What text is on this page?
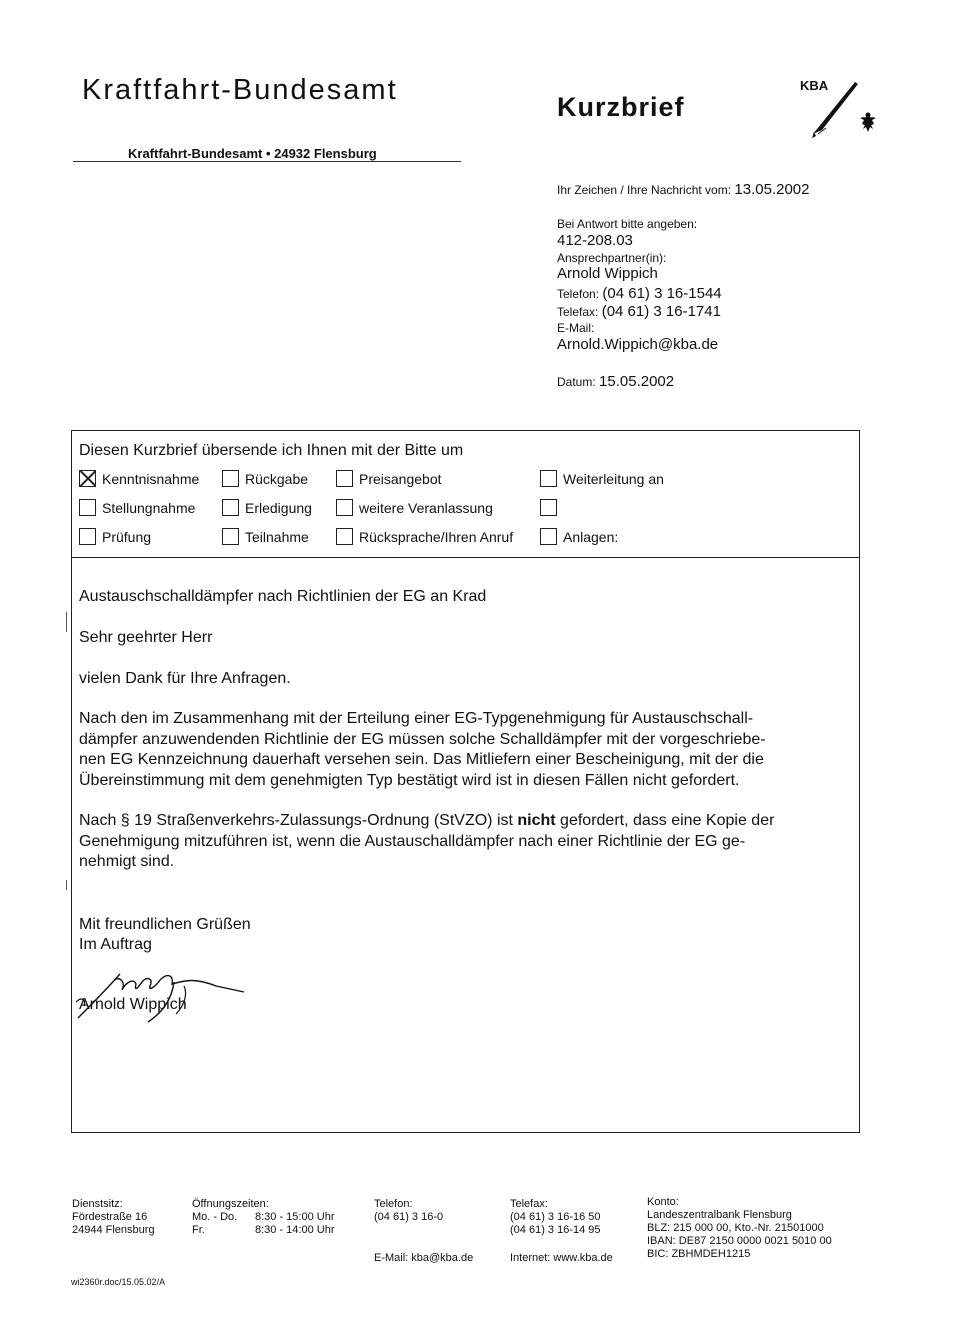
Kraftfahrt-Bundesamt
Kurzbrief
KBA
Kraftfahrt-Bundesamt • 24932 Flensburg
Ihr Zeichen / Ihre Nachricht vom: 13.05.2002
Bei Antwort bitte angeben:
412-208.03
Ansprechpartner(in):
Arnold Wippich
Telefon: (04 61) 3 16-1544
Telefax: (04 61) 3 16-1741
E-Mail:
Arnold.Wippich@kba.de
Datum: 15.05.2002
Diesen Kurzbrief übersende ich Ihnen mit der Bitte um
Kenntnisnahme	Rückgabe	Preisangebot	Weiterleitung an
Stellungnahme	Erledigung	weitere Veranlassung
Prüfung	Teilnahme	Rücksprache/Ihren Anruf	Anlagen:
Austauschschalldämpfer nach Richtlinien der EG an Krad
Sehr geehrter Herr
vielen Dank für Ihre Anfragen.
Nach den im Zusammenhang mit der Erteilung einer EG-Typgenehmigung für Austauschschall-
dämpfer anzuwendenden Richtlinie der EG müssen solche Schalldämpfer mit der vorgeschriebe-
nen EG Kennzeichnung dauerhaft versehen sein. Das Mitliefern einer Bescheinigung, mit der die
Übereinstimmung mit dem genehmigten Typ bestätigt wird ist in diesen Fällen nicht gefordert.
Nach § 19 Straßenverkehrs-Zulassungs-Ordnung (StVZO) ist nicht gefordert, dass eine Kopie der
Genehmigung mitzuführen ist, wenn die Austauschalldämpfer nach einer Richtlinie der EG ge-
nehmigt sind.
Mit freundlichen Grüßen
Im Auftrag
Arnold Wippich
Dienstsitz:
Fördestraße 16
24944 Flensburg
Öffnungszeiten:
Mo. - Do. 8:30 - 15:00 Uhr
Fr.	8:30 - 14:00 Uhr
Telefon:
(04 61) 3 16-0
E-Mail: kba@kba.de
Telefax:
(04 61) 3 16-16 50
(04 61) 3 16-14 95
Internet: www.kba.de
Konto:
Landeszentralbank Flensburg
BLZ: 215 000 00, Kto.-Nr. 21501000
IBAN: DE87 2150 0000 0021 5010 00
BIC: ZBHMDEH1215
wi2360r.doc/15.05.02/A
